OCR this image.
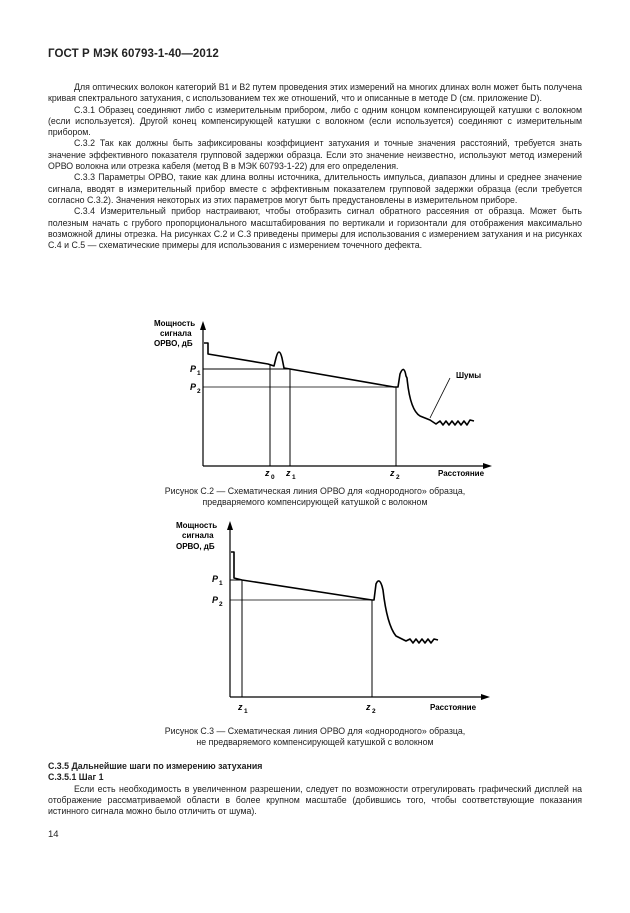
ГОСТ Р МЭК 60793-1-40—2012

Для оптических волокон категорий В1 и В2 путем проведения этих измерений на многих длинах волн может быть получена кривая спектрального затухания, с использованием тех же отношений, что и описанные в методе D (см. приложение D).

С.3.1 Образец соединяют либо с измерительным прибором, либо с одним концом компенсирующей катушки с волокном (если используется). Другой конец компенсирующей катушки с волокном (если используется) соединяют с измерительным прибором.

С.3.2 Так как должны быть зафиксированы коэффициент затухания и точные значения расстояний, требуется знать значение эффективного показателя групповой задержки образца. Если это значение неизвестно, используют метод измерений ОРВО волокна или отрезка кабеля (метод В в МЭК 60793-1-22) для его определения.

С.3.3 Параметры ОРВО, такие как длина волны источника, длительность импульса, диапазон длины и среднее значение сигнала, вводят в измерительный прибор вместе с эффективным показателем групповой задержки образца (если требуется согласно С.3.2). Значения некоторых из этих параметров могут быть предустановлены в измерительном приборе.

С.3.4 Измерительный прибор настраивают, чтобы отобразить сигнал обратного рассеяния от образца. Может быть полезным начать с грубого пропорционального масштабирования по вертикали и горизонтали для отображения максимально возможной длины отрезка. На рисунках С.2 и С.3 приведены примеры для использования с измерением затухания и на рисунках С.4 и С.5 — схематические примеры для использования с измерением точечного дефекта.

Мощность
сигнала
ОРВО, дБ
P 1
P 2
Шумы
z 0 z 1	z 2	Расстояние
Мощность
сигнала
ОРВО, дБ
P 1
P 2
z 1	z 2	Расстояние
Рисунок С.2 — Схематическая линия ОРВО для «однородного» образца,
предваряемого компенсирующей катушкой с волокном
Рисунок С.3 — Схематическая линия ОРВО для «однородного» образца,
не предваряемого компенсирующей катушкой с волокном
С.3.5 Дальнейшие шаги по измерению затухания
С.3.5.1 Шаг 1

Если есть необходимость в увеличенном разрешении, следует по возможности отрегулировать графический дисплей на отображение рассматриваемой области в более крупном масштабе (добившись того, чтобы соответствующие показания истинного сигнала можно было отличить от шума).

14
